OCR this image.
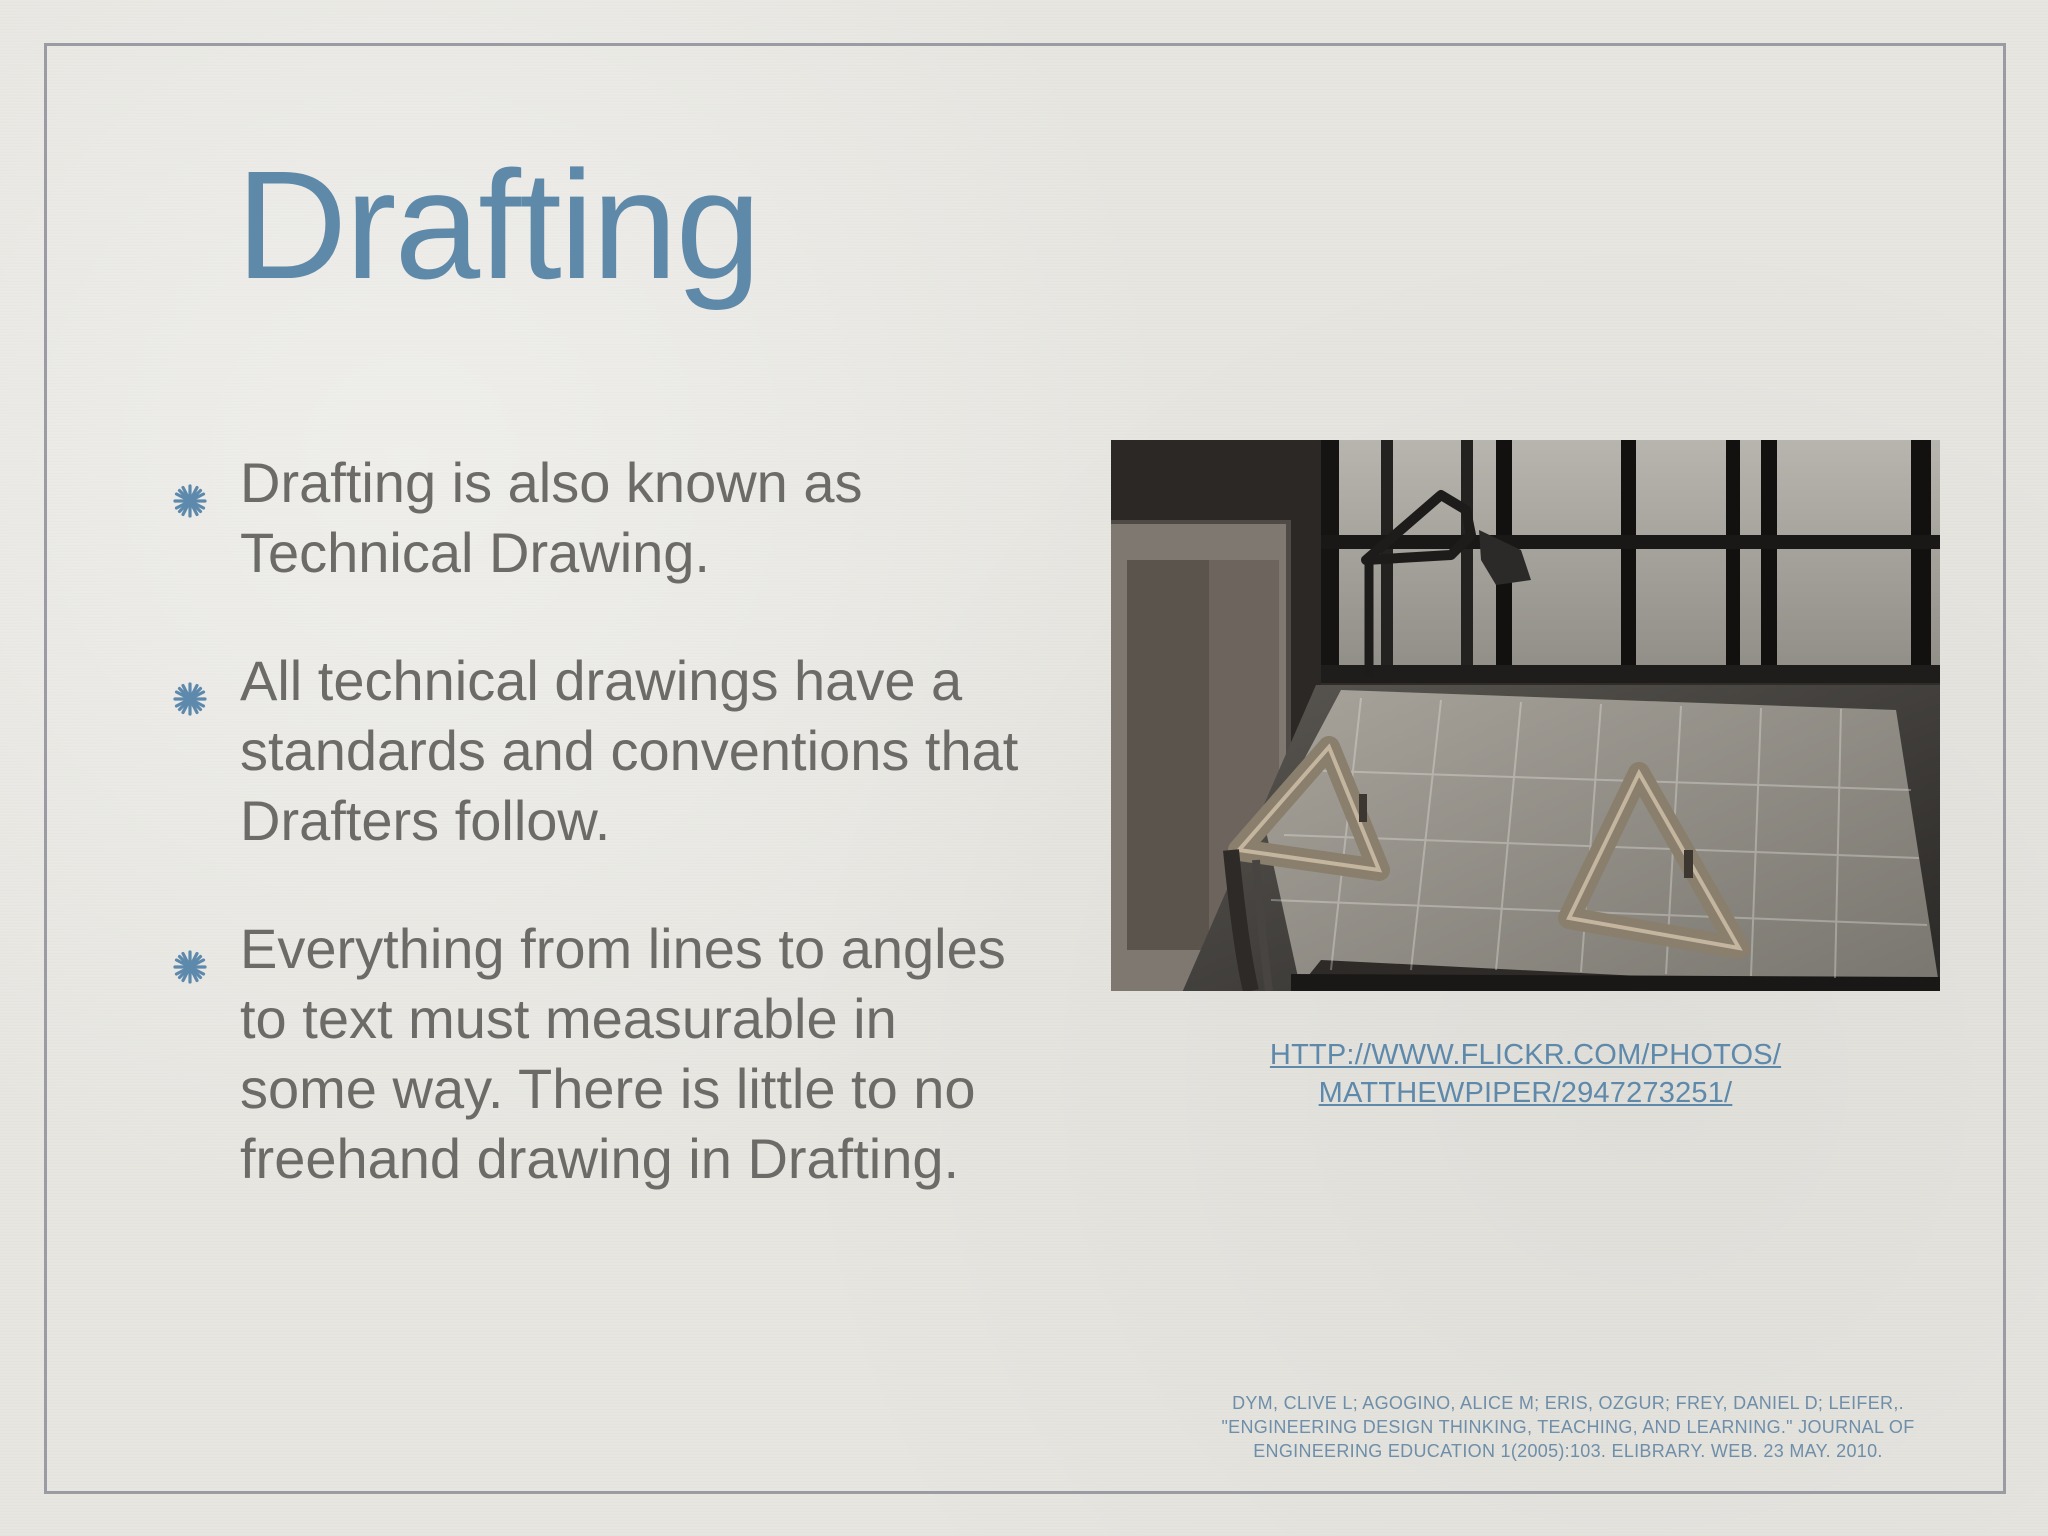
Drafting
Drafting is also known as Technical Drawing.
All technical drawings have a standards and conventions that Drafters follow.
Everything from lines to angles to text must measurable in some way. There is little to no freehand drawing in Drafting.
HTTP://WWW.FLICKR.COM/PHOTOS/
MATTHEWPIPER/2947273251/
DYM, CLIVE L; AGOGINO, ALICE M; ERIS, OZGUR; FREY, DANIEL D; LEIFER,.
"ENGINEERING DESIGN THINKING, TEACHING, AND LEARNING." JOURNAL OF
ENGINEERING EDUCATION 1(2005):103. ELIBRARY. WEB. 23 MAY. 2010.
